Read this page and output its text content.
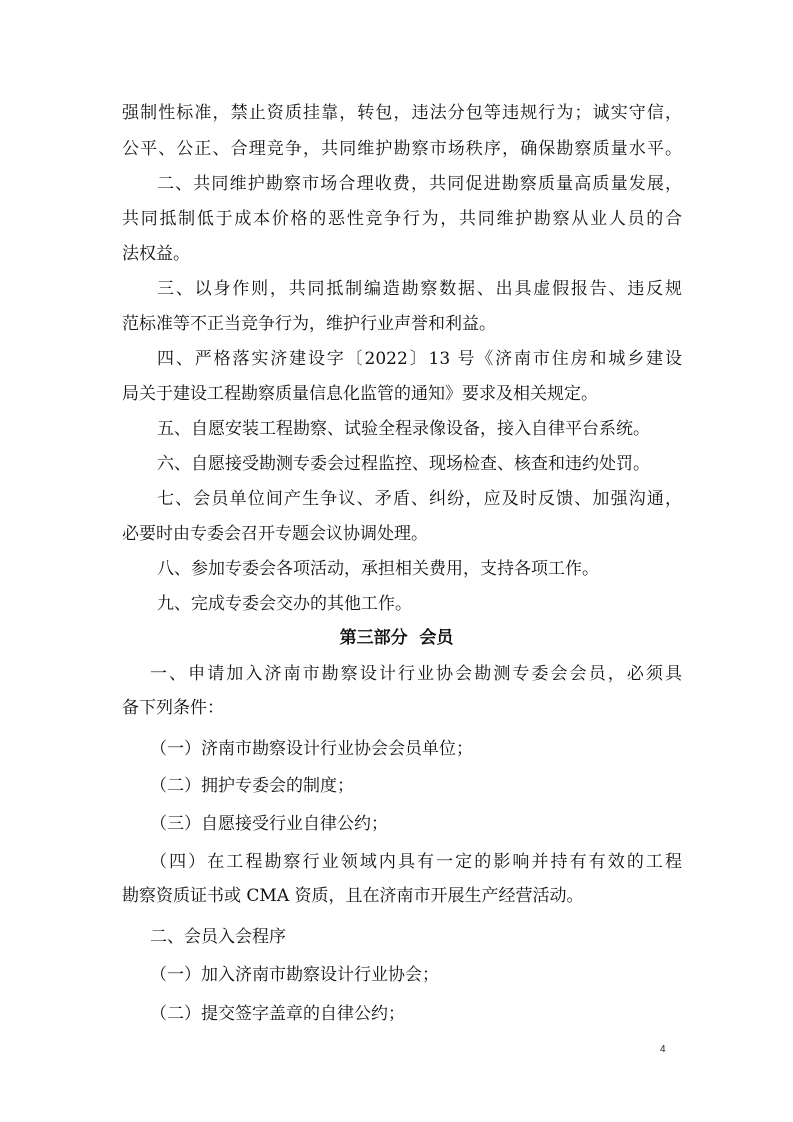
强制性标准，禁止资质挂靠，转包，违法分包等违规行为；诚实守信，
公平、公正、合理竞争，共同维护勘察市场秩序，确保勘察质量水平。
二、共同维护勘察市场合理收费，共同促进勘察质量高质量发展，
共同抵制低于成本价格的恶性竞争行为，共同维护勘察从业人员的合
法权益。
三、以身作则，共同抵制编造勘察数据、出具虚假报告、违反规
范标准等不正当竞争行为，维护行业声誉和利益。
四、严格落实济建设字〔2022〕13 号《济南市住房和城乡建设
局关于建设工程勘察质量信息化监管的通知》要求及相关规定。
五、自愿安装工程勘察、试验全程录像设备，接入自律平台系统。
六、自愿接受勘测专委会过程监控、现场检查、核查和违约处罚。
七、会员单位间产生争议、矛盾、纠纷，应及时反馈、加强沟通，
必要时由专委会召开专题会议协调处理。
八、参加专委会各项活动，承担相关费用，支持各项工作。
九、完成专委会交办的其他工作。
第三部分  会员
一、申请加入济南市勘察设计行业协会勘测专委会会员，必须具
备下列条件：
（一）济南市勘察设计行业协会会员单位；
（二）拥护专委会的制度；
（三）自愿接受行业自律公约；
（四）在工程勘察行业领域内具有一定的影响并持有有效的工程
勘察资质证书或 CMA 资质，且在济南市开展生产经营活动。
二、会员入会程序
（一）加入济南市勘察设计行业协会；
（二）提交签字盖章的自律公约；
4
